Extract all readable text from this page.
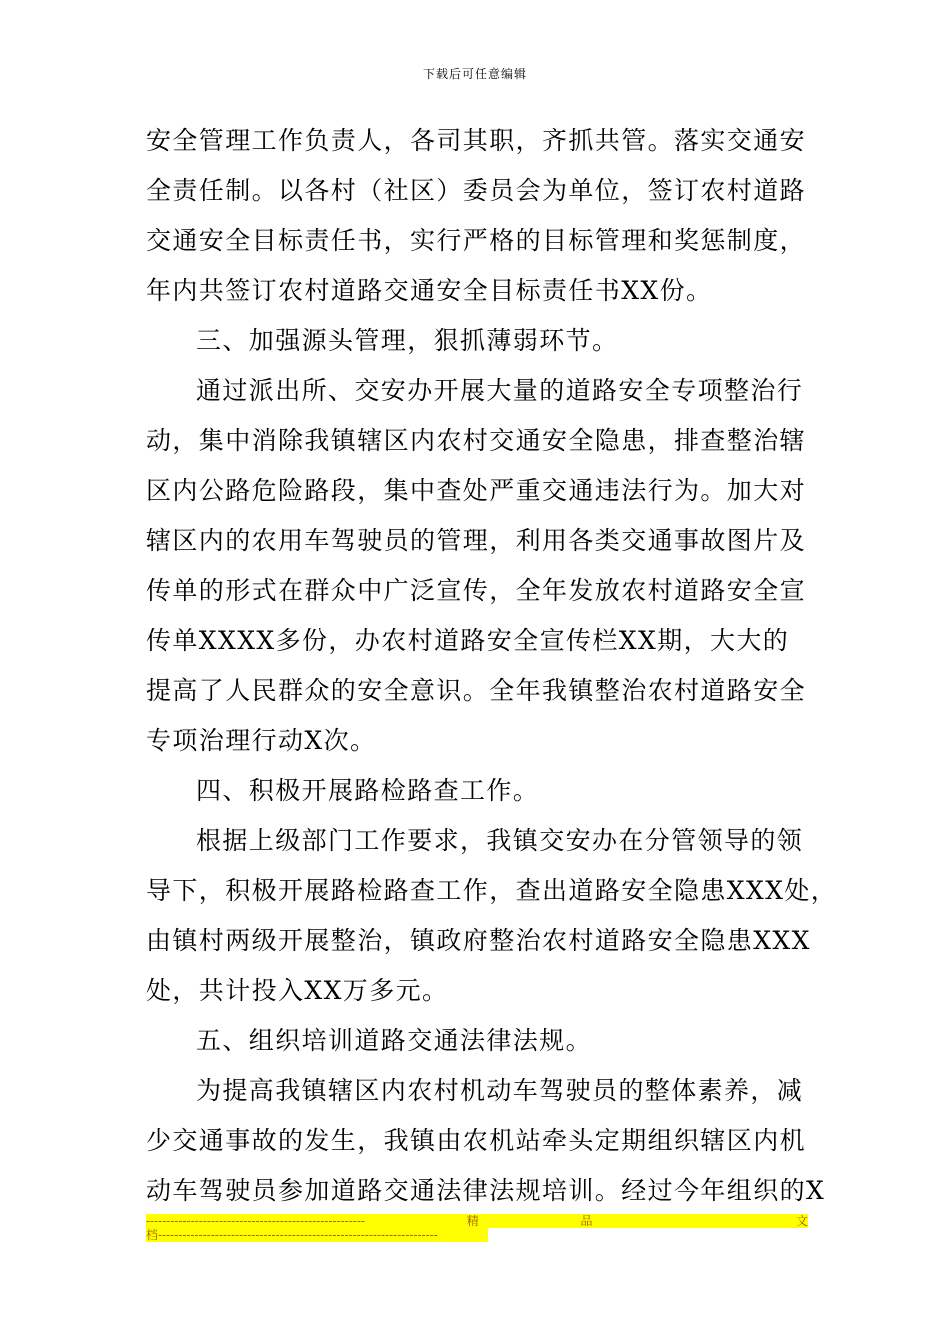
下载后可任意编辑
安全管理工作负责人，各司其职，齐抓共管。落实交通安
全责任制。以各村（社区）委员会为单位，签订农村道路
交通安全目标责任书，实行严格的目标管理和奖惩制度，
年内共签订农村道路交通安全目标责任书XX份。
三、加强源头管理，狠抓薄弱环节。
通过派出所、交安办开展大量的道路安全专项整治行
动，集中消除我镇辖区内农村交通安全隐患，排查整治辖
区内公路危险路段，集中查处严重交通违法行为。加大对
辖区内的农用车驾驶员的管理，利用各类交通事故图片及
传单的形式在群众中广泛宣传，全年发放农村道路安全宣
传单XXXX多份，办农村道路安全宣传栏XX期，大大的
提高了人民群众的安全意识。全年我镇整治农村道路安全
专项治理行动X次。
四、积极开展路检路查工作。
根据上级部门工作要求，我镇交安办在分管领导的领
导下，积极开展路检路查工作，查出道路安全隐患XXX处，
由镇村两级开展整治，镇政府整治农村道路安全隐患XXX
处，共计投入XX万多元。
五、组织培训道路交通法律法规。
为提高我镇辖区内农村机动车驾驶员的整体素养，减
少交通事故的发生，我镇由农机站牵头定期组织辖区内机
动车驾驶员参加道路交通法律法规培训。经过今年组织的X
------------------------------------------------------	精	品	文
档---------------------------------------------------------------------
